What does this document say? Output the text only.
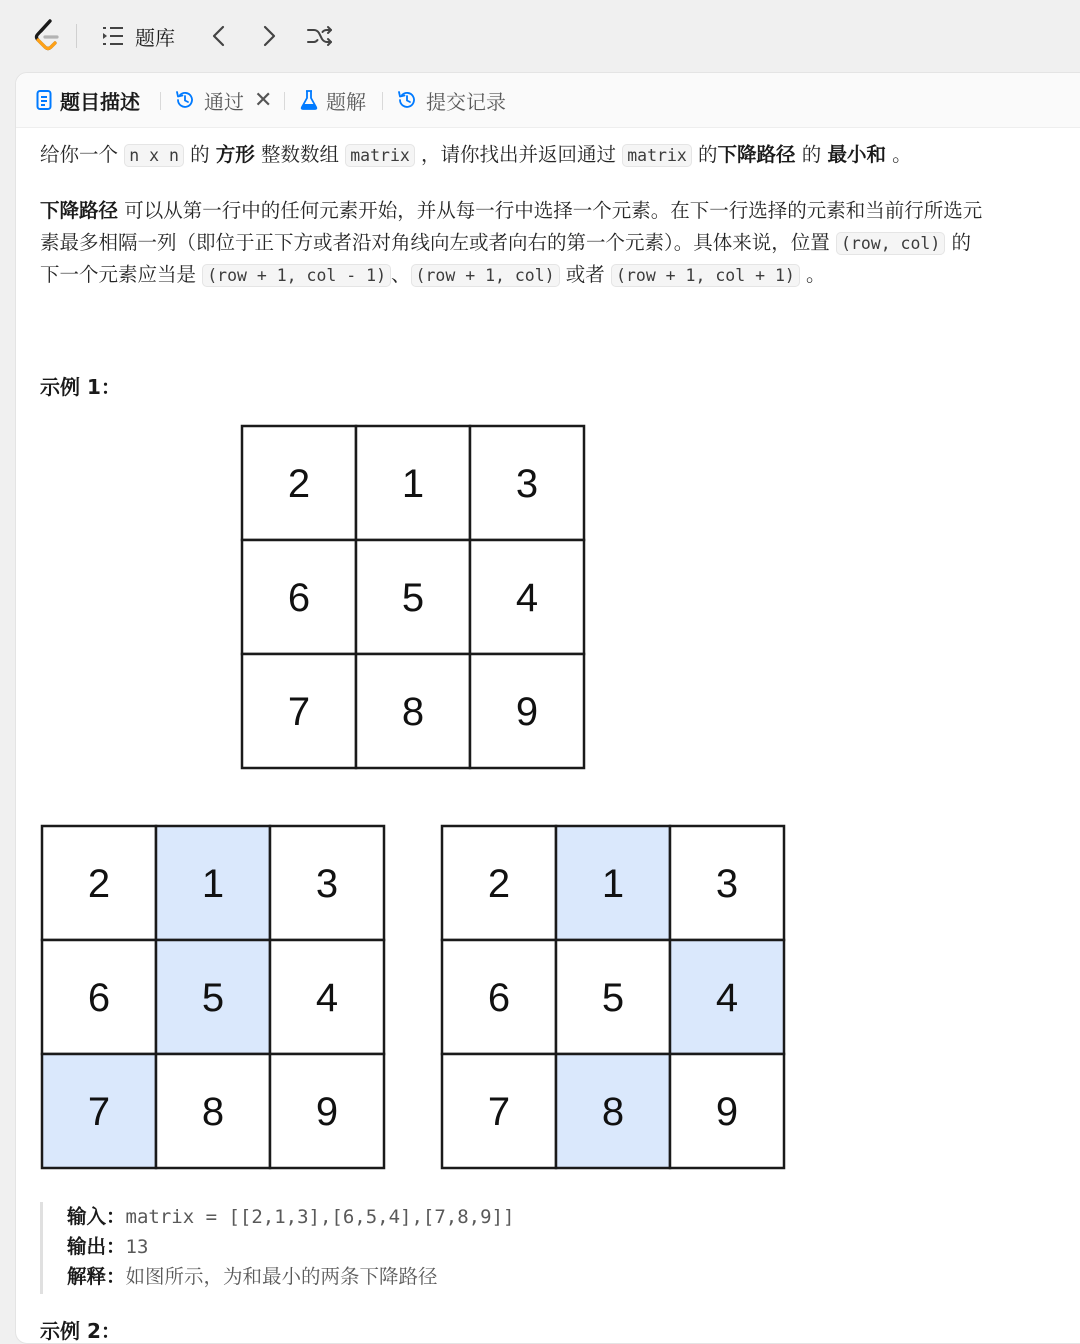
题库
题目描述	通过 ✕	题解	提交记录
给你一个 n x n 的 方形 整数数组 matrix ，请你找出并返回通过 matrix 的下降路径 的 最小和 。
下降路径 可以从第一行中的任何元素开始，并从每一行中选择一个元素。在下一行选择的元素和当前行所选元
素最多相隔一列（即位于正下方或者沿对角线向左或者向右的第一个元素）。具体来说，位置 (row, col) 的
下一个元素应当是 (row + 1, col - 1) 、 (row + 1, col) 或者 (row + 1, col + 1) 。
示例 1：
2 1 3
6 5 4
7 8 9
2 1 3
6 5 4
7 8 9
2 1 3
6 5 4
7 8 9
输入：matrix = [[2,1,3],[6,5,4],[7,8,9]]
输出：13
解释：如图所示，为和最小的两条下降路径
示例 2：
